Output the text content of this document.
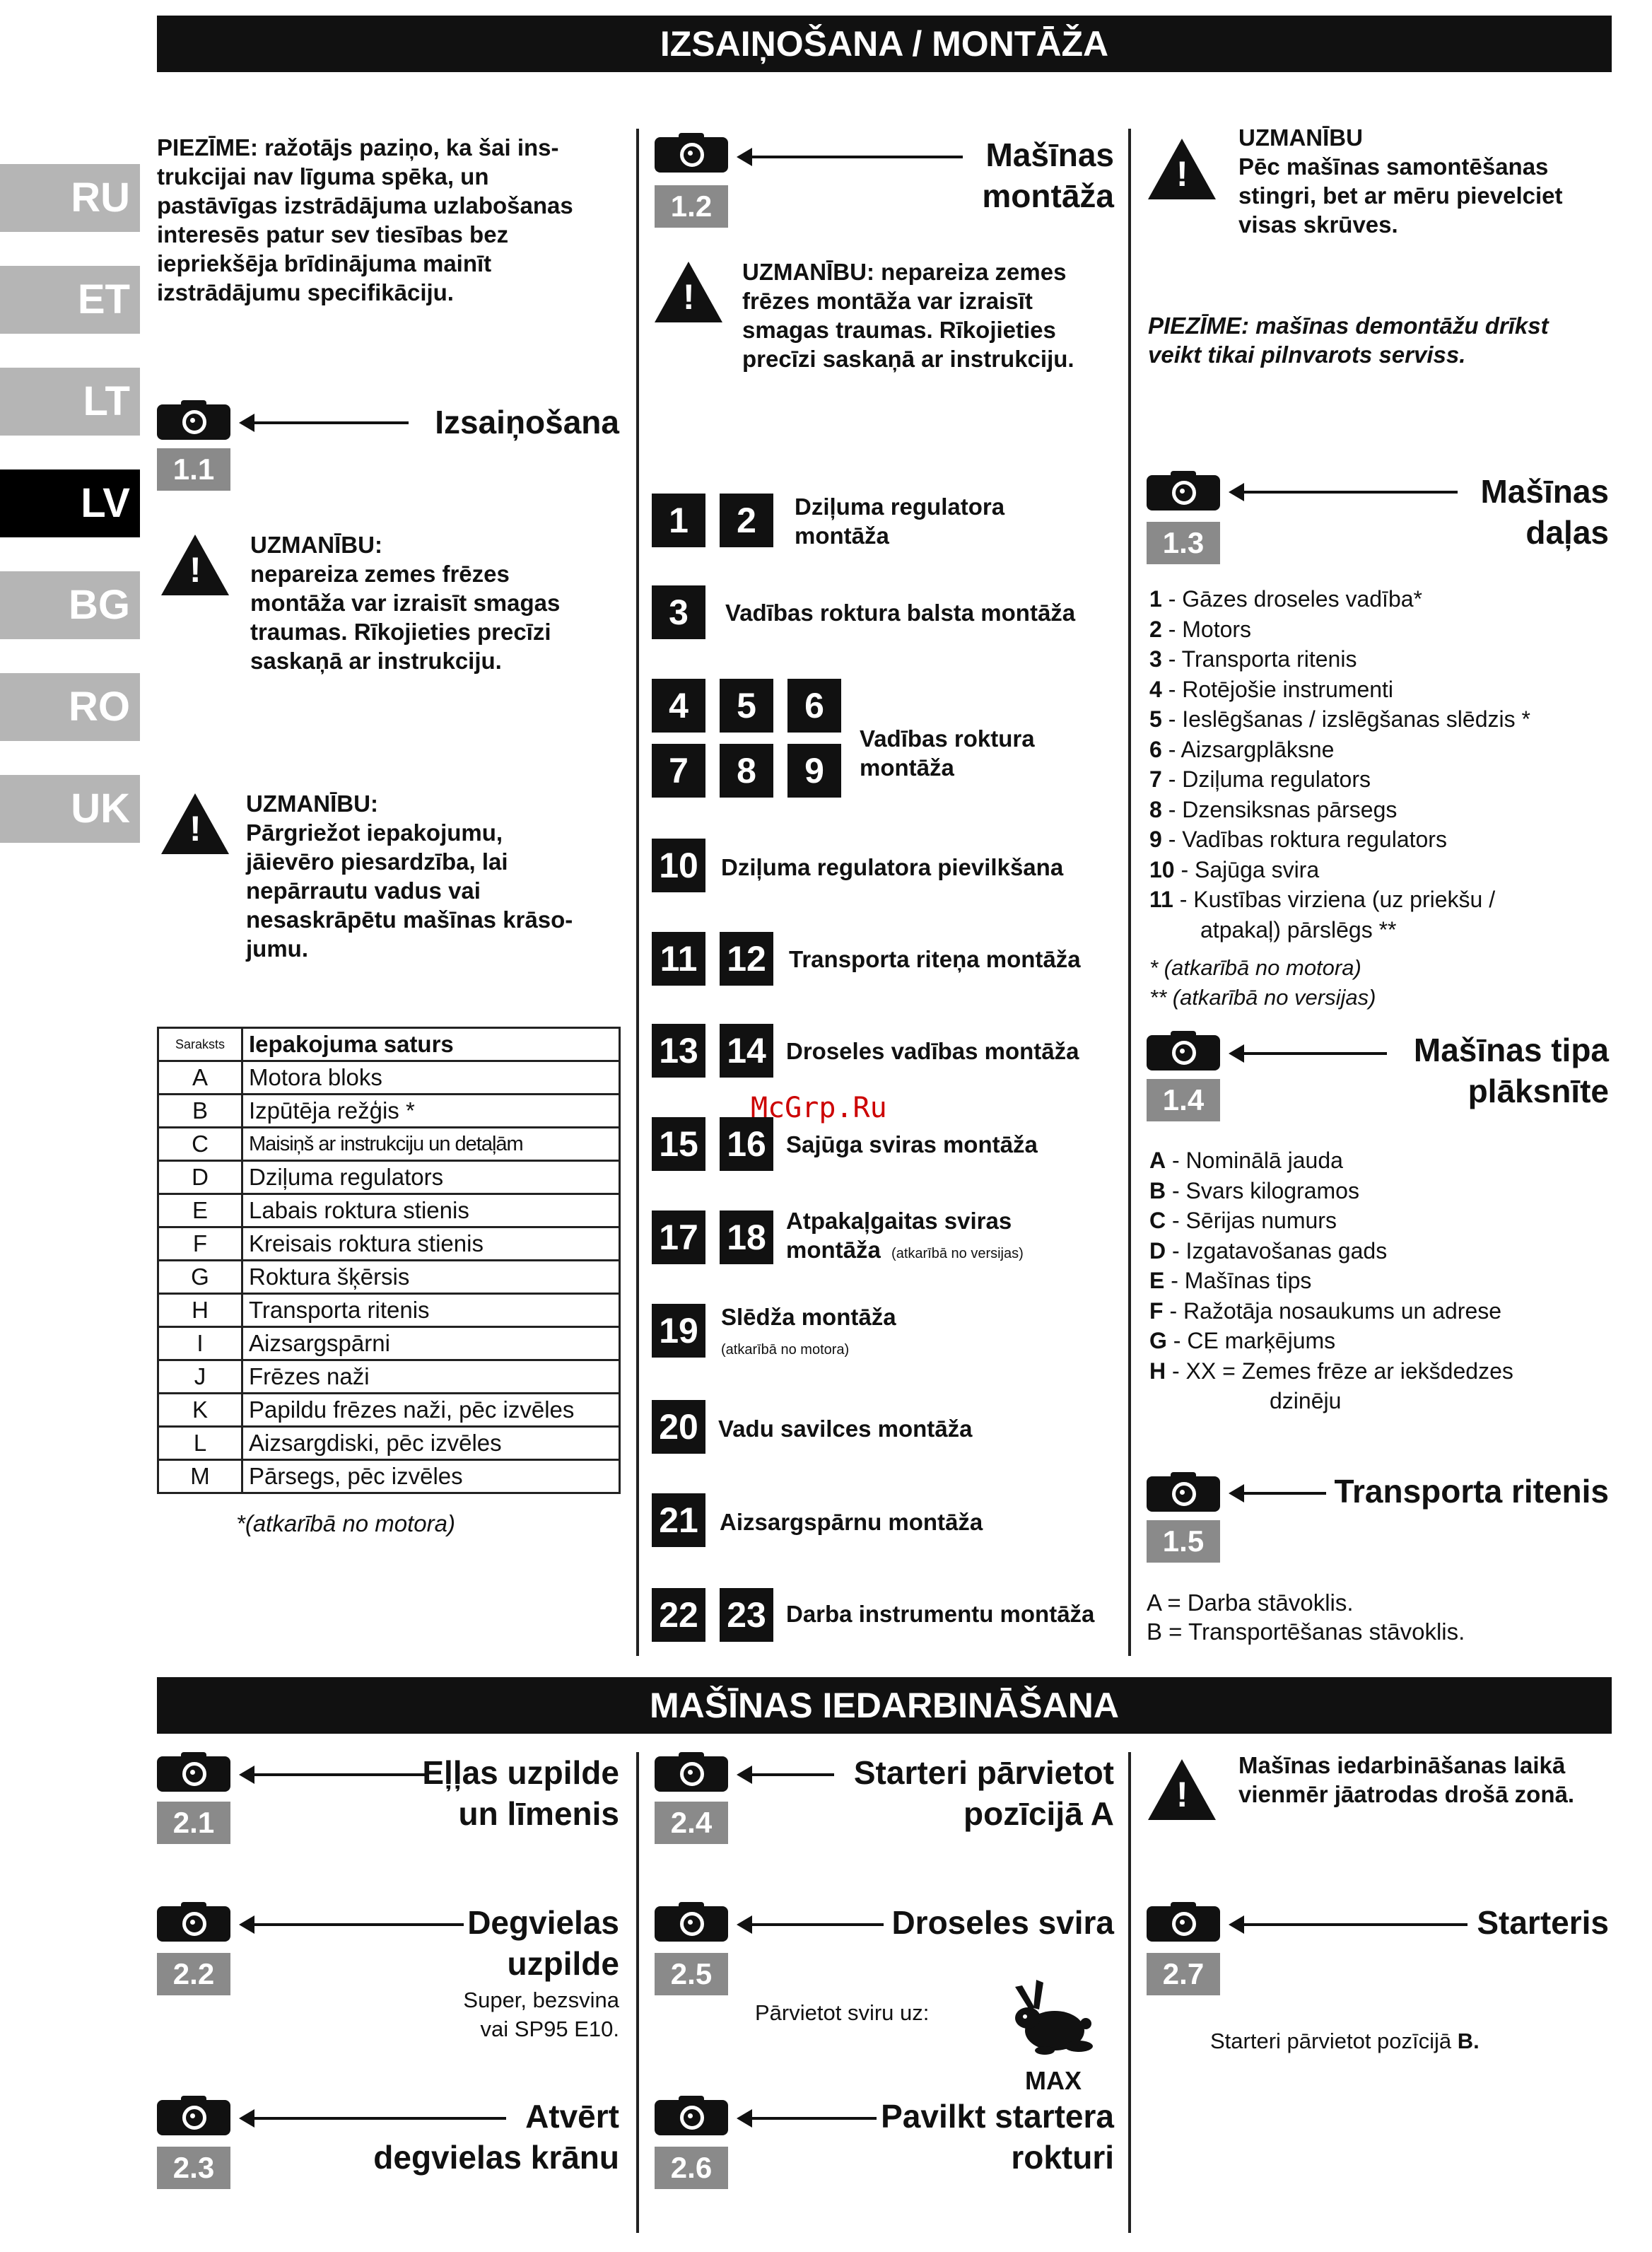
IZSAIŅOŠANA / MONTĀŽA
MAŠĪNAS IEDARBINĀŠANA
RU
ET
LT
LV
BG
RO
UK
PIEZĪME: ražotājs paziņo, ka šai ins-
trukcijai nav līguma spēka, un
pastāvīgas izstrādājuma uzlabošanas
interesēs patur sev tiesības bez
iepriekšēja brīdinājuma mainīt
izstrādājumu specifikāciju.
1.1
Izsaiņošana
!
UZMANĪBU:
nepareiza zemes frēzes
montāža var izraisīt smagas
traumas. Rīkojieties precīzi
saskaņā ar instrukciju.
!
UZMANĪBU:
Pārgriežot iepakojumu,
jāievēro piesardzība, lai
nepārrautu vadus vai
nesaskrāpētu mašīnas krāso-
jumu.
Saraksts	Iepakojuma saturs
A	Motora bloks
B	Izpūtēja režģis *
C	Maisiņš ar instrukciju un detaļām
D	Dziļuma regulators
E	Labais roktura stienis
F	Kreisais roktura stienis
G	Roktura šķērsis
H	Transporta ritenis
I	Aizsargspārni
J	Frēzes naži
K	Papildu frēzes naži, pēc izvēles
L	Aizsargdiski, pēc izvēles
M	Pārsegs, pēc izvēles
*(atkarībā no motora)
1.2
Mašīnas
montāža
!
UZMANĪBU: nepareiza zemes
frēzes montāža var izraisīt
smagas traumas. Rīkojieties
precīzi saskaņā ar instrukciju.
1	2	Dziļuma regulatora
montāža
3	Vadības roktura balsta montāža
4	5	6
7	8	9
Vadības roktura
montāža
10 Dziļuma regulatora pievilkšana
11 12 Transporta riteņa montāža
13 14 Droseles vadības montāža
15 16 Sajūga sviras montāža
17 18 Atpakaļgaitas sviras
montāža (atkarībā no versijas)
19 Slēdža montāža
(atkarībā no motora)
20 Vadu savilces montāža
21 Aizsargspārnu montāža
22 23 Darba instrumentu montāža
!
UZMANĪBU
Pēc mašīnas samontēšanas
stingri, bet ar mēru pievelciet
visas skrūves.
PIEZĪME: mašīnas demontāžu drīkst
veikt tikai pilnvarots serviss.
1.3
Mašīnas
daļas
1 - Gāzes droseles vadība*
2 - Motors
3 - Transporta ritenis
4 - Rotējošie instrumenti
5 - Ieslēgšanas / izslēgšanas slēdzis *
6 - Aizsargplāksne
7 - Dziļuma regulators
8 - Dzensiksnas pārsegs
9 - Vadības roktura regulators
10 - Sajūga svira
11 - Kustības virziena (uz priekšu /
atpakaļ) pārslēgs **
* (atkarībā no motora)
** (atkarībā no versijas)
1.4
Mašīnas tipa
plāksnīte
A - Nominālā jauda
B - Svars kilogramos
C - Sērijas numurs
D - Izgatavošanas gads
E - Mašīnas tips
F - Ražotāja nosaukums un adrese
G - CE marķējums
H - XX = Zemes frēze ar iekšdedzes
dzinēju
1.5
Transporta ritenis
A = Darba stāvoklis.
B = Transportēšanas stāvoklis.
2.1
Eļļas uzpilde
un līmenis
2.2
Degvielas
uzpilde
Super, bezsvina
vai SP95 E10.
2.3
Atvērt
degvielas krānu
2.4
Starteri pārvietot
pozīcijā A
2.5
Droseles svira
Pārvietot sviru uz:
MAX
2.6
Pavilkt startera
rokturi
!
Mašīnas iedarbināšanas laikā
vienmēr jāatrodas drošā zonā.
2.7
Starteris
Starteri pārvietot pozīcijā B.
McGrp.Ru
